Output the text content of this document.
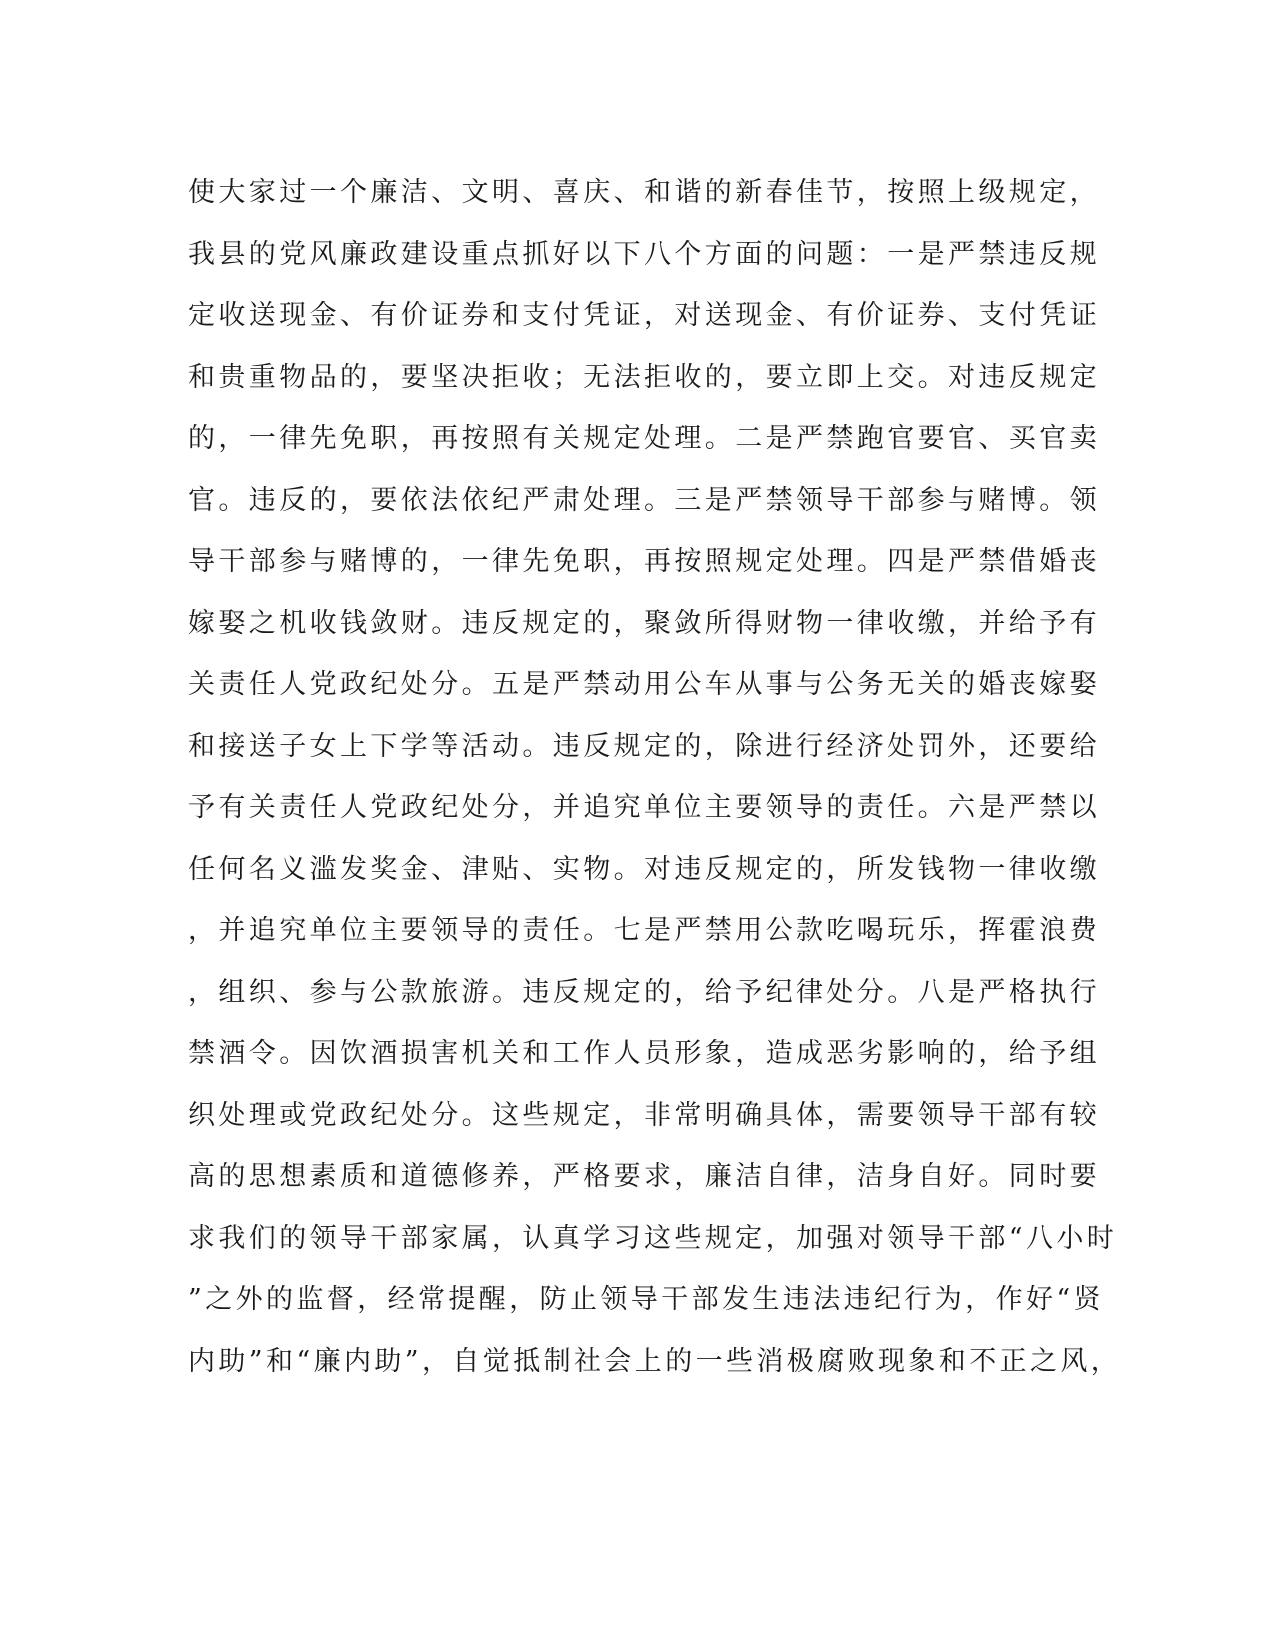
使大家过一个廉洁、文明、喜庆、和谐的新春佳节，按照上级规定，
我县的党风廉政建设重点抓好以下八个方面的问题：一是严禁违反规
定收送现金、有价证券和支付凭证，对送现金、有价证券、支付凭证
和贵重物品的，要坚决拒收；无法拒收的，要立即上交。对违反规定
的，一律先免职，再按照有关规定处理。二是严禁跑官要官、买官卖
官。违反的，要依法依纪严肃处理。三是严禁领导干部参与赌博。领
导干部参与赌博的，一律先免职，再按照规定处理。四是严禁借婚丧
嫁娶之机收钱敛财。违反规定的，聚敛所得财物一律收缴，并给予有
关责任人党政纪处分。五是严禁动用公车从事与公务无关的婚丧嫁娶
和接送子女上下学等活动。违反规定的，除进行经济处罚外，还要给
予有关责任人党政纪处分，并追究单位主要领导的责任。六是严禁以
任何名义滥发奖金、津贴、实物。对违反规定的，所发钱物一律收缴
，并追究单位主要领导的责任。七是严禁用公款吃喝玩乐，挥霍浪费
，组织、参与公款旅游。违反规定的，给予纪律处分。八是严格执行
禁酒令。因饮酒损害机关和工作人员形象，造成恶劣影响的，给予组
织处理或党政纪处分。这些规定，非常明确具体，需要领导干部有较
高的思想素质和道德修养，严格要求，廉洁自律，洁身自好。同时要
求我们的领导干部家属，认真学习这些规定，加强对领导干部“八小时
”之外的监督，经常提醒，防止领导干部发生违法违纪行为，作好“贤
内助”和“廉内助”，自觉抵制社会上的一些消极腐败现象和不正之风，
